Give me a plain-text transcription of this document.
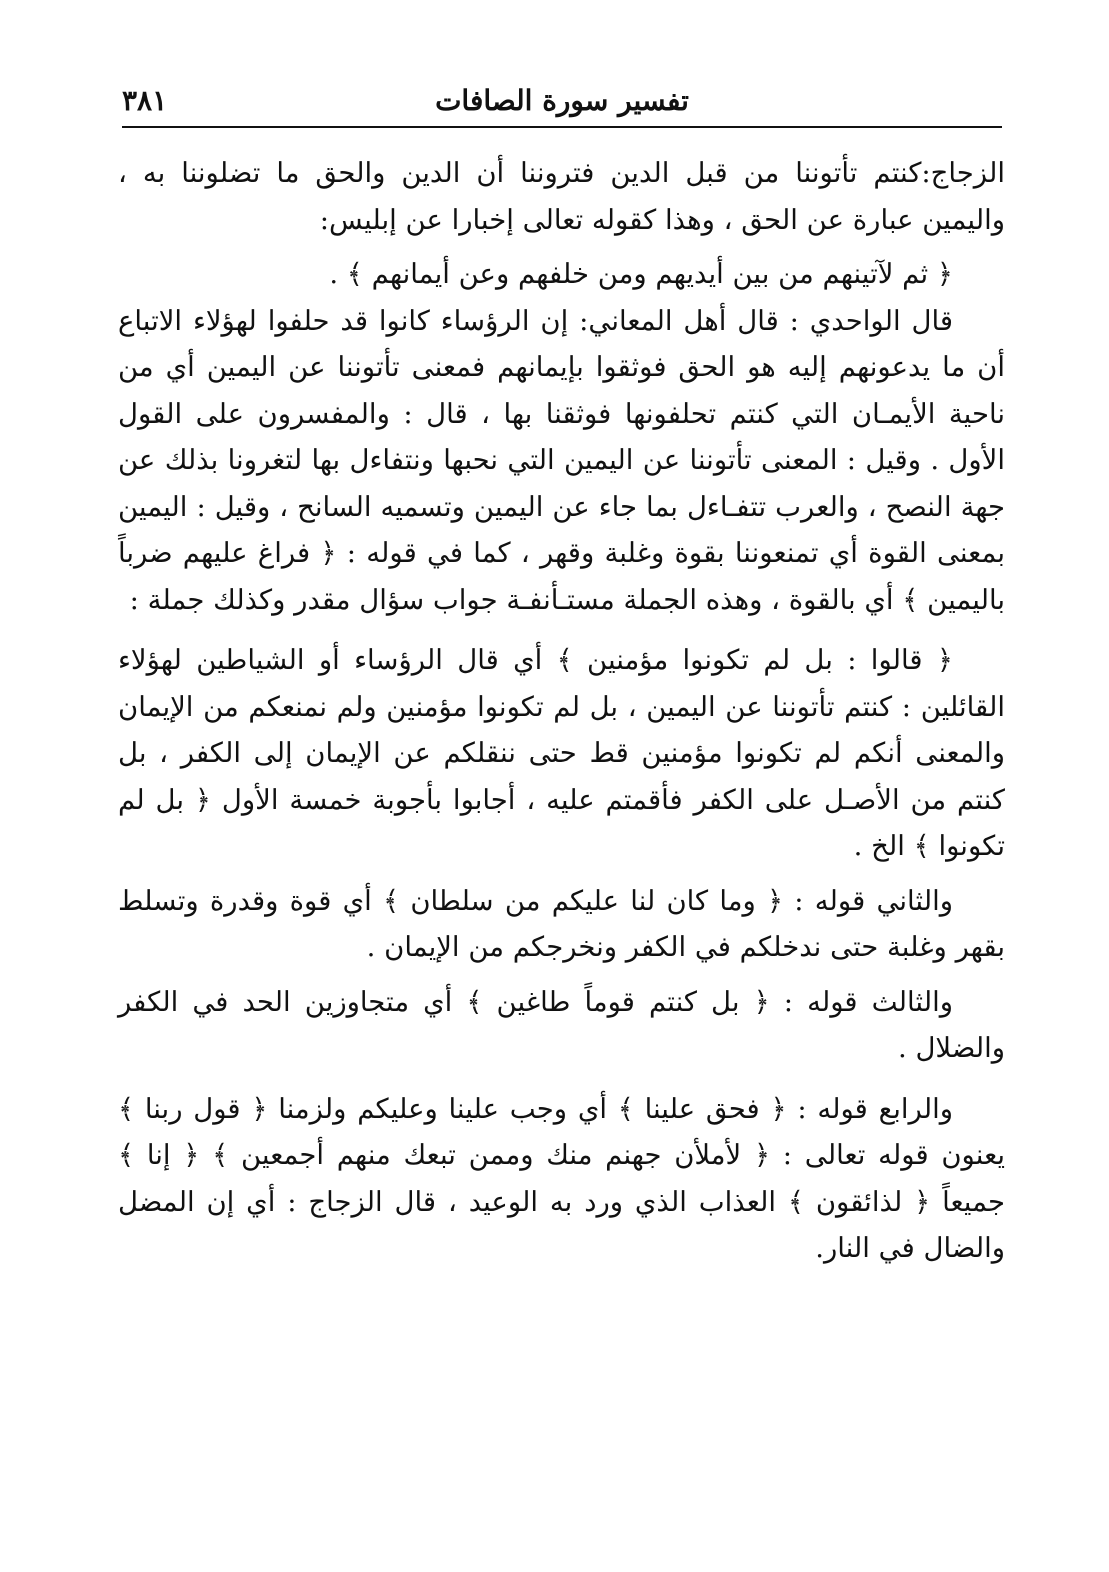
٣٨١	تفسير سورة الصافات

الزجاج:كنتم تأتوننا من قبل الدين فتروننا أن الدين والحق ما تضلوننا به ، واليمين عبارة عن الحق ، وهذا كقوله تعالى إخبارا عن إبليس:

﴿ ثم لآتينهم من بين أيديهم ومن خلفهم وعن أيمانهم ﴾ .

قال الواحدي : قال أهل المعاني: إن الرؤساء كانوا قد حلفوا لهؤلاء الاتباع أن ما يدعونهم إليه هو الحق فوثقوا بإيمانهم فمعنى تأتوننا عن اليمين أي من ناحية الأيمـان التي كنتم تحلفونها فوثقنا بها ، قال : والمفسرون على القول الأول . وقيل : المعنى تأتوننا عن اليمين التي نحبها ونتفاءل بها لتغرونا بذلك عن جهة النصح ، والعرب تتفـاءل بما جاء عن اليمين وتسميه السانح ، وقيل : اليمين بمعنى القوة أي تمنعوننا بقوة وغلبة وقهر ، كما في قوله : ﴿ فراغ عليهم ضرباً باليمين ﴾ أي بالقوة ، وهذه الجملة مستـأنفـة جواب سؤال مقدر وكذلك جملة :

﴿ قالوا : بل لم تكونوا مؤمنين ﴾ أي قال الرؤساء أو الشياطين لهؤلاء القائلين : كنتم تأتوننا عن اليمين ، بل لم تكونوا مؤمنين ولم نمنعكم من الإيمان والمعنى أنكم لم تكونوا مؤمنين قط حتى ننقلكم عن الإيمان إلى الكفر ، بل كنتم من الأصـل على الكفر فأقمتم عليه ، أجابوا بأجوبة خمسة الأول ﴿ بل لم تكونوا ﴾ الخ .

والثاني قوله : ﴿ وما كان لنا عليكم من سلطان ﴾ أي قوة وقدرة وتسلط بقهر وغلبة حتى ندخلكم في الكفر ونخرجكم من الإيمان .

والثالث قوله : ﴿ بل كنتم قوماً طاغين ﴾ أي متجاوزين الحد في الكفر والضلال .

والرابع قوله : ﴿ فحق علينا ﴾ أي وجب علينا وعليكم ولزمنا ﴿ قول ربنا ﴾ يعنون قوله تعالى : ﴿ لأملأن جهنم منك وممن تبعك منهم أجمعين ﴾ ﴿ إنا ﴾ جميعاً ﴿ لذائقون ﴾ العذاب الذي ورد به الوعيد ، قال الزجاج : أي إن المضل والضال في النار.
